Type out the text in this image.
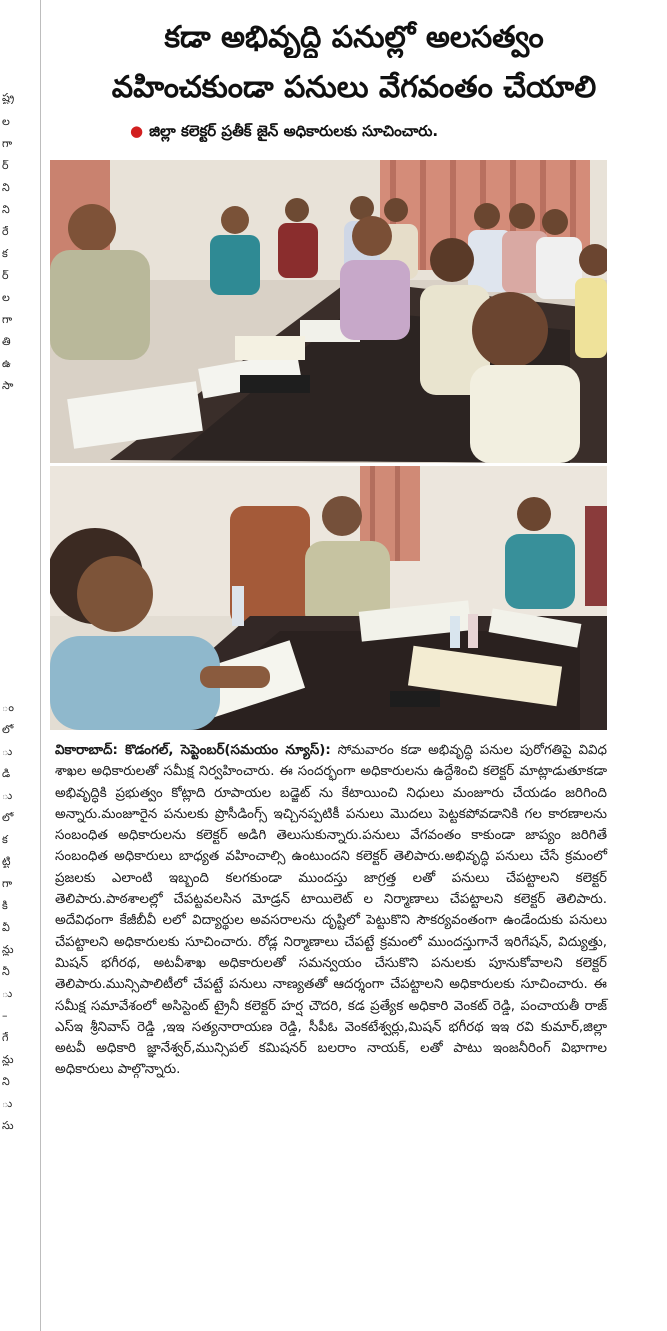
ష్ట్ర
ల
గా
ర్
ని
ని
రే
క
ర్
ల
గా
తి
ఉ
సా
ం
లో
ు
డి
ు
లో
క
ట్టి
గా
కి
వీ
న్లు
నీ
ు
–
గే
న్లు
ని
ు
సు
కడా అభివృద్ధి పనుల్లో అలసత్వం
వహించకుండా పనులు వేగవంతం చేయాలి
● జిల్లా కలెక్టర్ ప్రతీక్ జైన్ అధికారులకు సూచించారు.
వికారాబాద్: కొడంగల్, సెప్టెంబర్(సమయం న్యూస్): సోమవారం కడా అభివృద్ధి పనుల పురోగతిపై వివిధ శాఖల అధికారులతో సమీక్ష నిర్వహించారు. ఈ సందర్భంగా అధికారులను ఉద్దేశించి కలెక్టర్ మాట్లాడుతూకడా అభివృద్ధికి ప్రభుత్వం కోట్లాది రూపాయల బడ్జెట్ ను కేటాయించి నిధులు మంజూరు చేయడం జరిగింది అన్నారు.మంజూరైన పనులకు ప్రొసీడింగ్స్ ఇచ్చినప్పటికీ పనులు మొదలు పెట్టకపోవడానికి గల కారణాలను సంబంధిత అధికారులను కలెక్టర్ అడిగి తెలుసుకున్నారు.పనులు వేగవంతం కాకుండా జాప్యం జరిగితే సంబంధిత అధికారులు బాధ్యత వహించాల్సి ఉంటుందని కలెక్టర్ తెలిపారు.అభివృద్ధి పనులు చేసే క్రమంలో ప్రజలకు ఎలాంటి ఇబ్బంది కలగకుండా ముందస్తు జాగ్రత్త లతో పనులు చేపట్టాలని కలెక్టర్ తెలిపారు.పాఠశాలల్లో చేపట్టవలసిన మోడ్రన్ టాయిలెట్ ల నిర్మాణాలు చేపట్టాలని కలెక్టర్ తెలిపారు. అదేవిధంగా కేజీబీవీ లలో విద్యార్థుల అవసరాలను దృష్టిలో పెట్టుకొని సౌకర్యవంతంగా ఉండేందుకు పనులు చేపట్టాలని అధికారులకు సూచించారు. రోడ్ల నిర్మాణాలు చేపట్టే క్రమంలో ముందస్తుగానే ఇరిగేషన్, విద్యుత్తు, మిషన్ భగీరథ, అటవీశాఖ అధికారులతో సమన్వయం చేసుకొని పనులకు పూనుకోవాలని కలెక్టర్ తెలిపారు.మున్సిపాలిటీలో చేపట్టే పనులు నాణ్యతతో ఆదర్శంగా చేపట్టాలని అధికారులకు సూచించారు. ఈ సమీక్ష సమావేశంలో అసిస్టెంట్ ట్రైనీ కలెక్టర్ హర్ష చౌదరి, కడ ప్రత్యేక అధికారి వెంకట్ రెడ్డి, పంచాయతీ రాజ్ ఎస్ఇ శ్రీనివాస్ రెడ్డి ,ఇఇ సత్యనారాయణ రెడ్డి, సీపీఓ వెంకటేశ్వర్లు,మిషన్ భగీరథ ఇఇ రవి కుమార్,జిల్లా అటవీ అధికారి జ్ఞానేశ్వర్,మున్సిపల్ కమిషనర్ బలరాం నాయక్, లతో పాటు ఇంజనీరింగ్ విభాగాల అధికారులు పాల్గొన్నారు.
